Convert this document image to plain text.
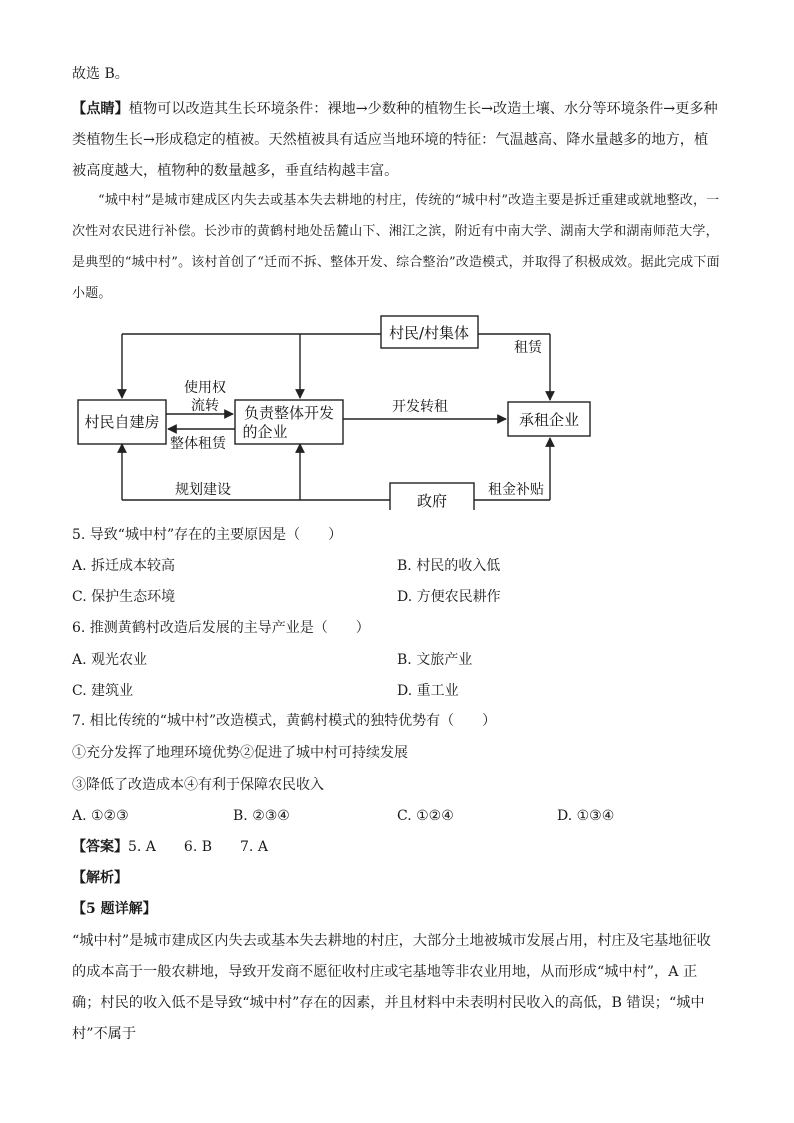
故选 B。
【点睛】植物可以改造其生长环境条件：裸地→少数种的植物生长→改造土壤、水分等环境条件→更多种类植物生长→形成稳定的植被。天然植被具有适应当地环境的特征：气温越高、降水量越多的地方，植被高度越大，植物种的数量越多，垂直结构越丰富。
“城中村”是城市建成区内失去或基本失去耕地的村庄，传统的“城中村”改造主要是拆迁重建或就地整改，一次性对农民进行补偿。长沙市的黄鹤村地处岳麓山下、湘江之滨，附近有中南大学、湖南大学和湖南师范大学，是典型的“城中村”。该村首创了“迁而不拆、整体开发、综合整治”改造模式，并取得了积极成效。据此完成下面小题。
村民/村集体
村民自建房	负责整体开发
的企业
承租企业
政府
租赁
使用权
流转
整体租赁
开发转租
规划建设	租金补贴
5. 导致“城中村”存在的主要原因是（　　）
A. 拆迁成本较高	B. 村民的收入低
C. 保护生态环境	D. 方便农民耕作
6. 推测黄鹤村改造后发展的主导产业是（　　）
A. 观光农业	B. 文旅产业
C. 建筑业	D. 重工业
7. 相比传统的“城中村”改造模式，黄鹤村模式的独特优势有（　　）
①充分发挥了地理环境优势②促进了城中村可持续发展
③降低了改造成本④有利于保障农民收入
A. ①②③	B. ②③④	C. ①②④	D. ①③④
【答案】5. A　　6. B　　7. A
【解析】
【5 题详解】
“城中村”是城市建成区内失去或基本失去耕地的村庄，大部分土地被城市发展占用，村庄及宅基地征收的成本高于一般农耕地，导致开发商不愿征收村庄或宅基地等非农业用地，从而形成“城中村”，A 正确；村民的收入低不是导致“城中村”存在的因素，并且材料中未表明村民收入的高低，B 错误；“城中村”不属于
